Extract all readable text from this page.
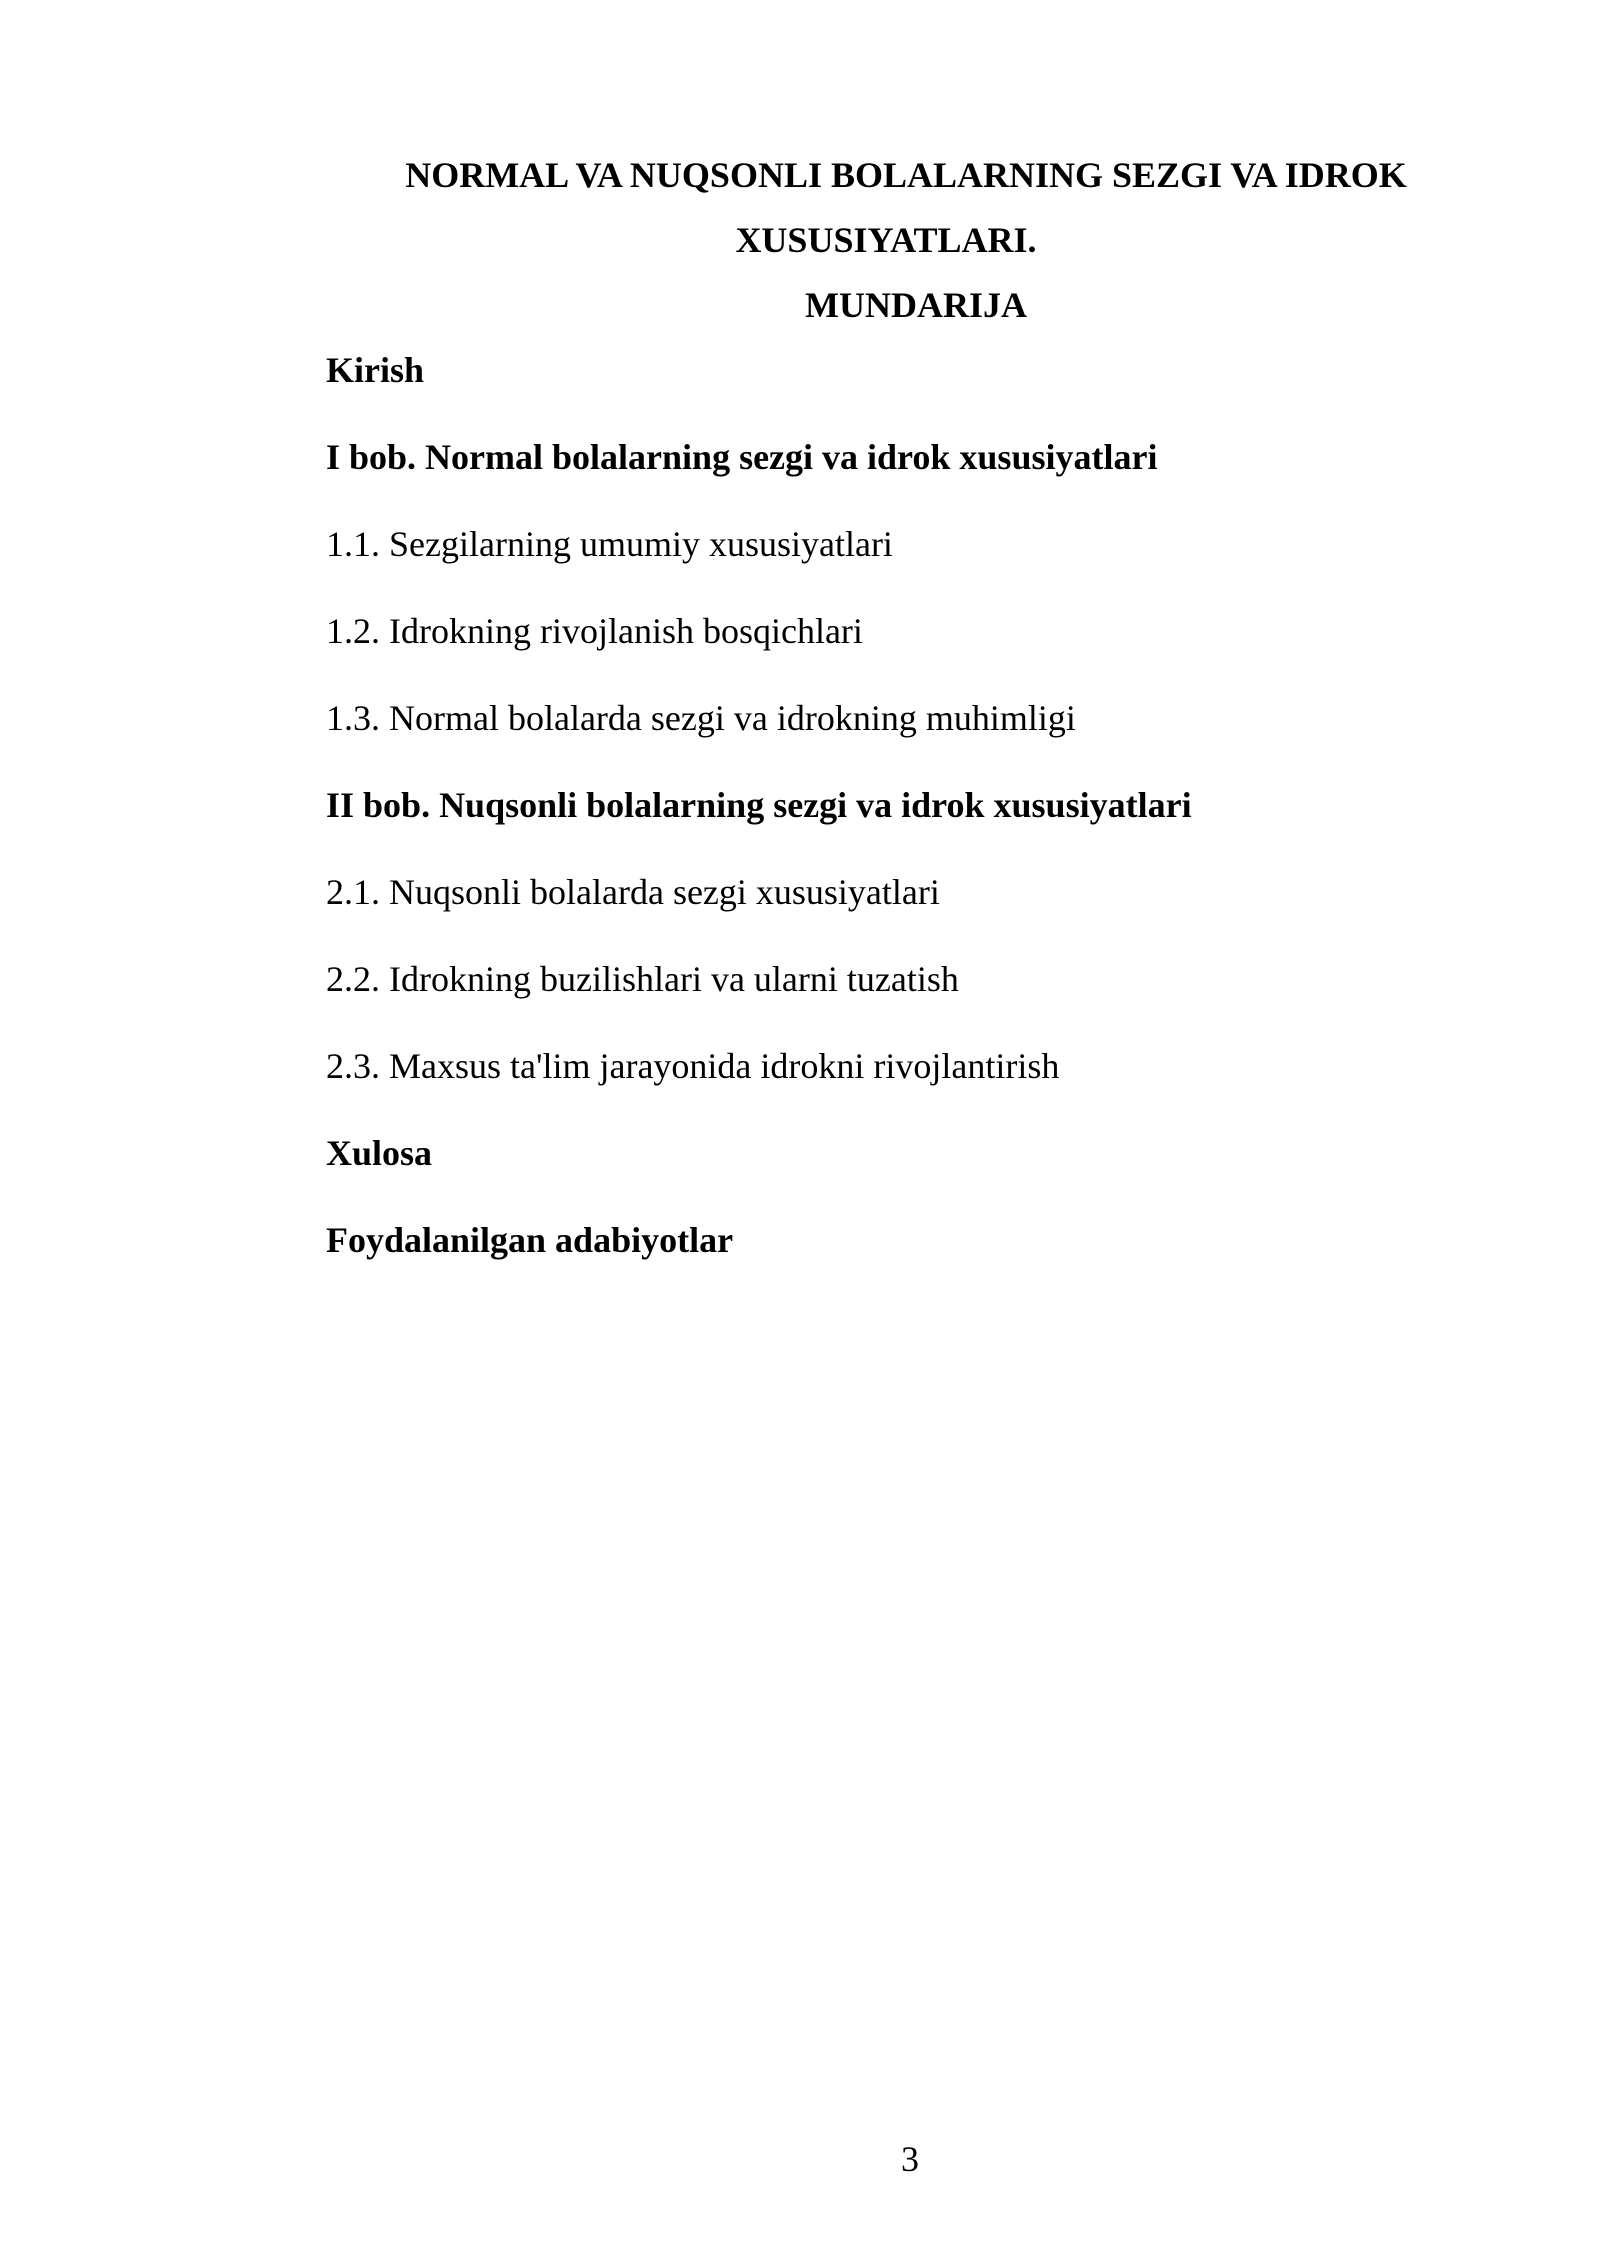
NORMAL VA NUQSONLI BOLALARNING SEZGI VA IDROK
XUSUSIYATLARI.
MUNDARIJA
Kirish
I bob. Normal bolalarning sezgi va idrok xususiyatlari
1.1. Sezgilarning umumiy xususiyatlari
1.2. Idrokning rivojlanish bosqichlari
1.3. Normal bolalarda sezgi va idrokning muhimligi
II bob. Nuqsonli bolalarning sezgi va idrok xususiyatlari
2.1. Nuqsonli bolalarda sezgi xususiyatlari
2.2. Idrokning buzilishlari va ularni tuzatish
2.3. Maxsus ta'lim jarayonida idrokni rivojlantirish
Xulosa
Foydalanilgan adabiyotlar
3
